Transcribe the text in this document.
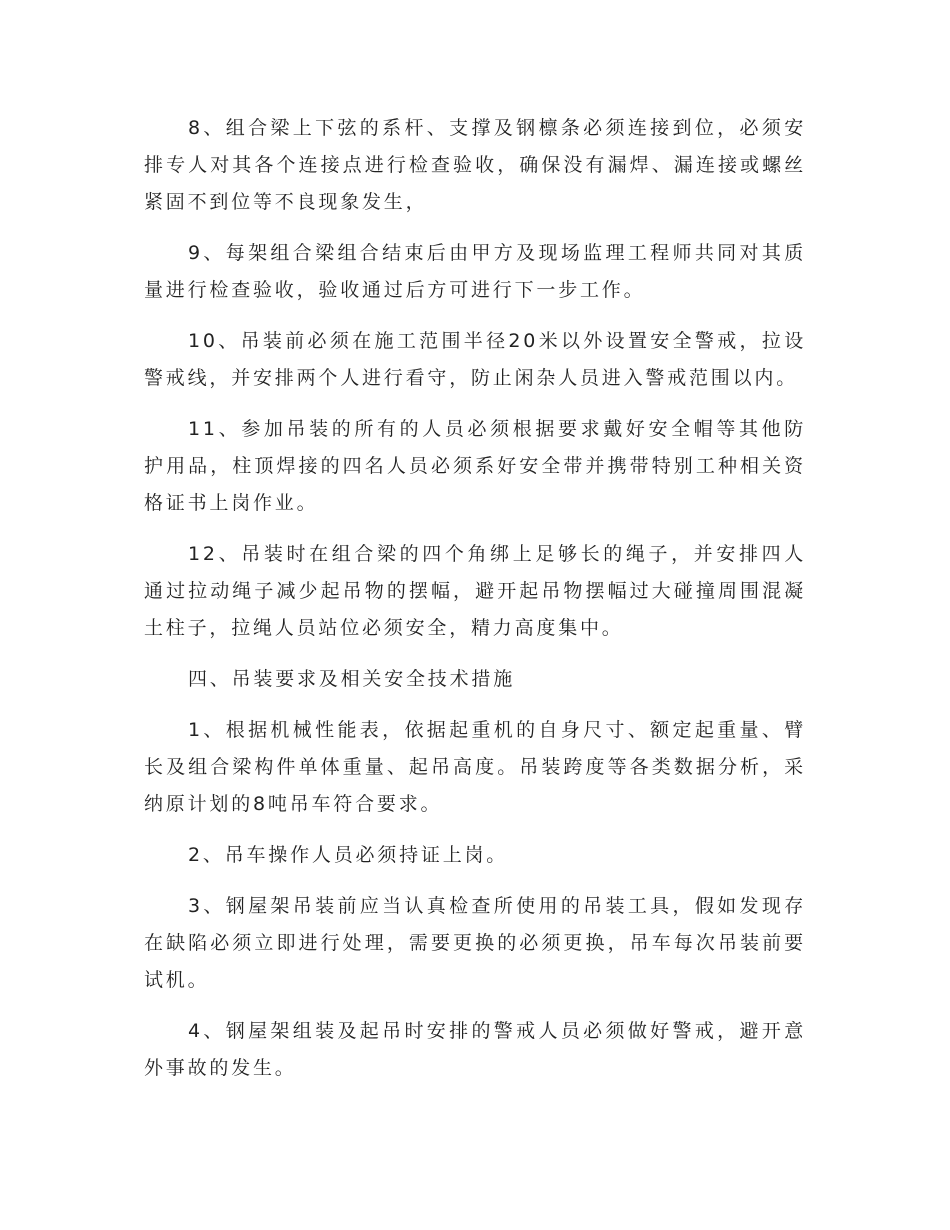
8、组合梁上下弦的系杆、支撑及钢檩条必须连接到位，必须安排专人对其各个连接点进行检查验收，确保没有漏焊、漏连接或螺丝紧固不到位等不良现象发生，

9、每架组合梁组合结束后由甲方及现场监理工程师共同对其质量进行检查验收，验收通过后方可进行下一步工作。

10、吊装前必须在施工范围半径20米以外设置安全警戒，拉设警戒线，并安排两个人进行看守，防止闲杂人员进入警戒范围以内。

11、参加吊装的所有的人员必须根据要求戴好安全帽等其他防护用品，柱顶焊接的四名人员必须系好安全带并携带特别工种相关资格证书上岗作业。

12、吊装时在组合梁的四个角绑上足够长的绳子，并安排四人通过拉动绳子减少起吊物的摆幅，避开起吊物摆幅过大碰撞周围混凝土柱子，拉绳人员站位必须安全，精力高度集中。

四、吊装要求及相关安全技术措施

1、根据机械性能表，依据起重机的自身尺寸、额定起重量、臂长及组合梁构件单体重量、起吊高度。吊装跨度等各类数据分析，采纳原计划的8吨吊车符合要求。

2、吊车操作人员必须持证上岗。

3、钢屋架吊装前应当认真检查所使用的吊装工具，假如发现存在缺陷必须立即进行处理，需要更换的必须更换，吊车每次吊装前要试机。

4、钢屋架组装及起吊时安排的警戒人员必须做好警戒，避开意外事故的发生。
